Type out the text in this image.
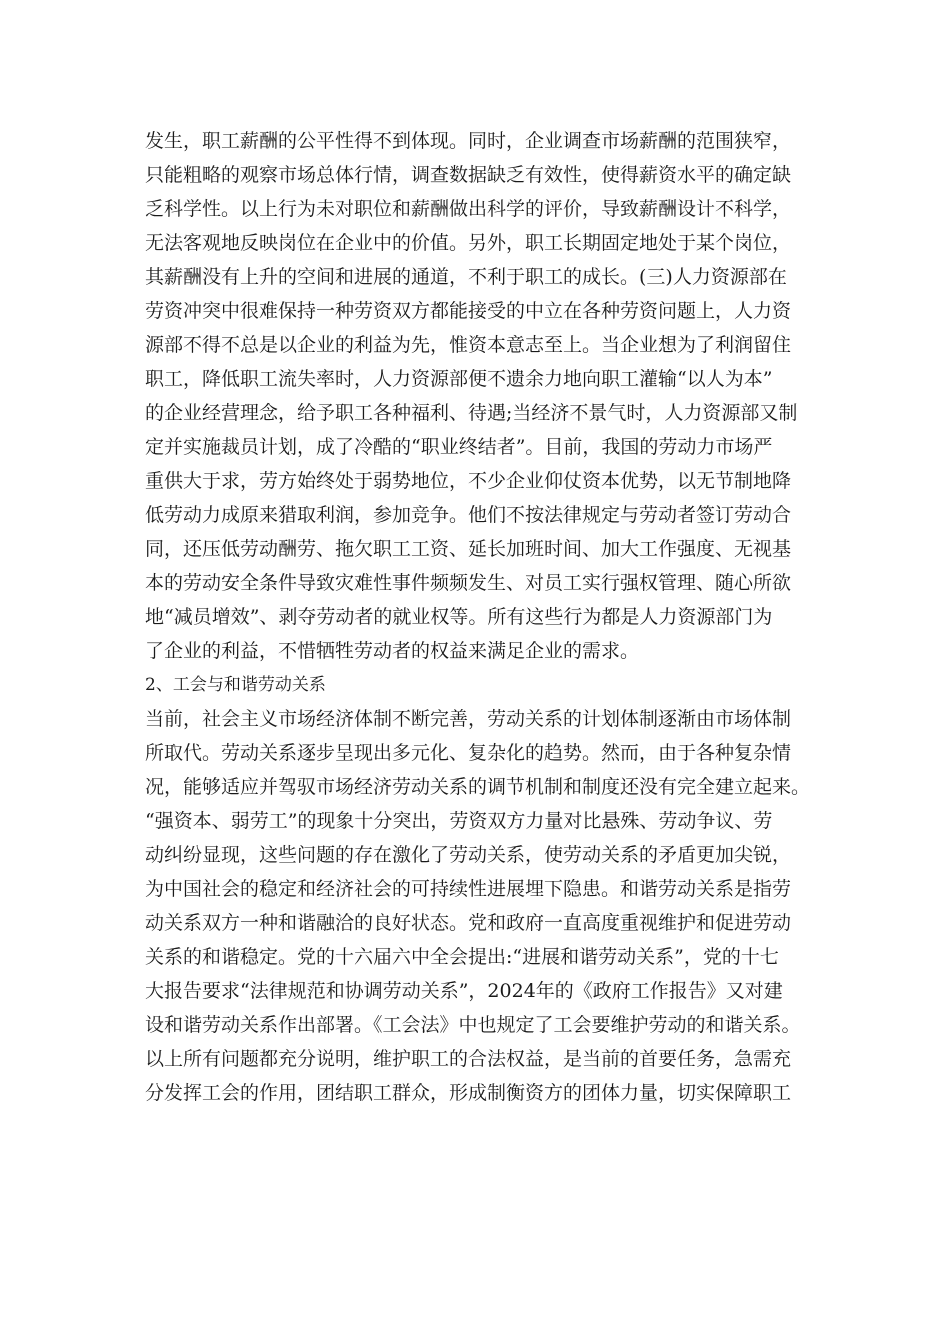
发生，职工薪酬的公平性得不到体现。同时，企业调查市场薪酬的范围狭窄，
只能粗略的观察市场总体行情，调查数据缺乏有效性，使得薪资水平的确定缺
乏科学性。以上行为未对职位和薪酬做出科学的评价，导致薪酬设计不科学，
无法客观地反映岗位在企业中的价值。另外，职工长期固定地处于某个岗位，
其薪酬没有上升的空间和进展的通道，不利于职工的成长。(三)人力资源部在
劳资冲突中很难保持一种劳资双方都能接受的中立在各种劳资问题上，人力资
源部不得不总是以企业的利益为先，惟资本意志至上。当企业想为了利润留住
职工，降低职工流失率时，人力资源部便不遗余力地向职工灌输“以人为本”
的企业经营理念，给予职工各种福利、待遇;当经济不景气时，人力资源部又制
定并实施裁员计划，成了冷酷的“职业终结者”。目前，我国的劳动力市场严
重供大于求，劳方始终处于弱势地位，不少企业仰仗资本优势，以无节制地降
低劳动力成原来猎取利润，参加竞争。他们不按法律规定与劳动者签订劳动合
同，还压低劳动酬劳、拖欠职工工资、延长加班时间、加大工作强度、无视基
本的劳动安全条件导致灾难性事件频频发生、对员工实行强权管理、随心所欲
地“减员增效”、剥夺劳动者的就业权等。所有这些行为都是人力资源部门为
了企业的利益，不惜牺牲劳动者的权益来满足企业的需求。
2、工会与和谐劳动关系
当前，社会主义市场经济体制不断完善，劳动关系的计划体制逐渐由市场体制
所取代。劳动关系逐步呈现出多元化、复杂化的趋势。然而，由于各种复杂情
况，能够适应并驾驭市场经济劳动关系的调节机制和制度还没有完全建立起来。
“强资本、弱劳工”的现象十分突出，劳资双方力量对比悬殊、劳动争议、劳
动纠纷显现，这些问题的存在激化了劳动关系，使劳动关系的矛盾更加尖锐，
为中国社会的稳定和经济社会的可持续性进展埋下隐患。和谐劳动关系是指劳
动关系双方一种和谐融洽的良好状态。党和政府一直高度重视维护和促进劳动
关系的和谐稳定。党的十六届六中全会提出:“进展和谐劳动关系”，党的十七
大报告要求“法律规范和协调劳动关系”，2024年的《政府工作报告》又对建
设和谐劳动关系作出部署。《工会法》中也规定了工会要维护劳动的和谐关系。
以上所有问题都充分说明，维护职工的合法权益，是当前的首要任务，急需充
分发挥工会的作用，团结职工群众，形成制衡资方的团体力量，切实保障职工
